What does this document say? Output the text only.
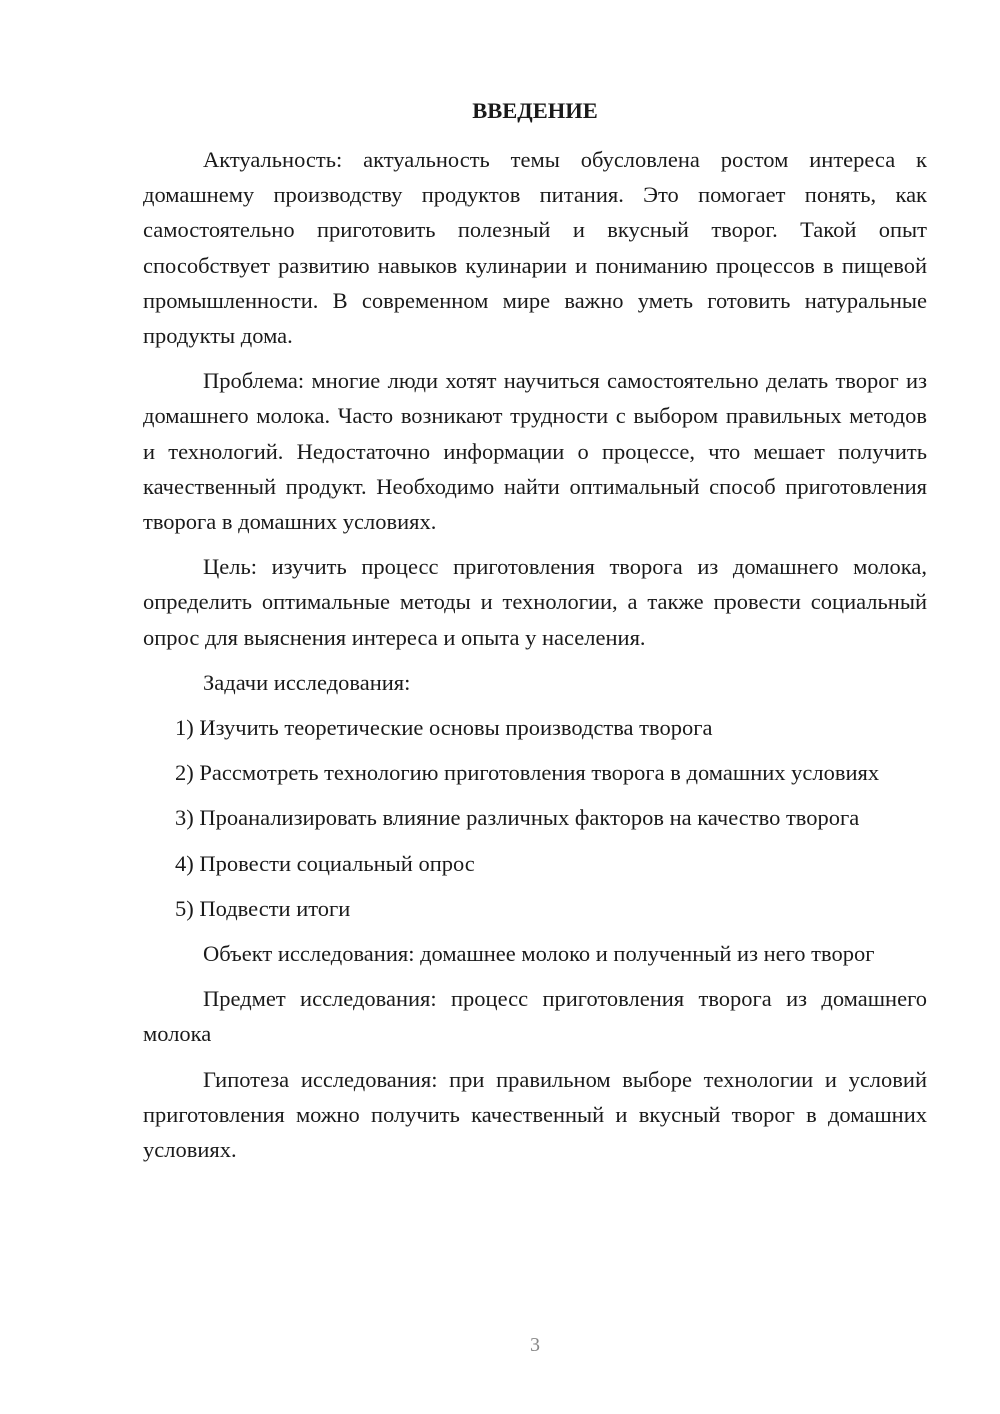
ВВЕДЕНИЕ

Актуальность: актуальность темы обусловлена ростом интереса к домашнему производству продуктов питания. Это помогает понять, как самостоятельно приготовить полезный и вкусный творог. Такой опыт способствует развитию навыков кулинарии и пониманию процессов в пищевой промышленности. В современном мире важно уметь готовить натуральные продукты дома.

Проблема: многие люди хотят научиться самостоятельно делать творог из домашнего молока. Часто возникают трудности с выбором правильных методов и технологий. Недостаточно информации о процессе, что мешает получить качественный продукт. Необходимо найти оптимальный способ приготовления творога в домашних условиях.

Цель: изучить процесс приготовления творога из домашнего молока, определить оптимальные методы и технологии, а также провести социальный опрос для выяснения интереса и опыта у населения.

Задачи исследования:

1) Изучить теоретические основы производства творога

2) Рассмотреть технологию приготовления творога в домашних условиях

3) Проанализировать влияние различных факторов на качество творога

4) Провести социальный опрос

5) Подвести итоги

Объект исследования: домашнее молоко и полученный из него творог

Предмет исследования: процесс приготовления творога из домашнего молока

Гипотеза исследования: при правильном выборе технологии и условий приготовления можно получить качественный и вкусный творог в домашних условиях.

3
